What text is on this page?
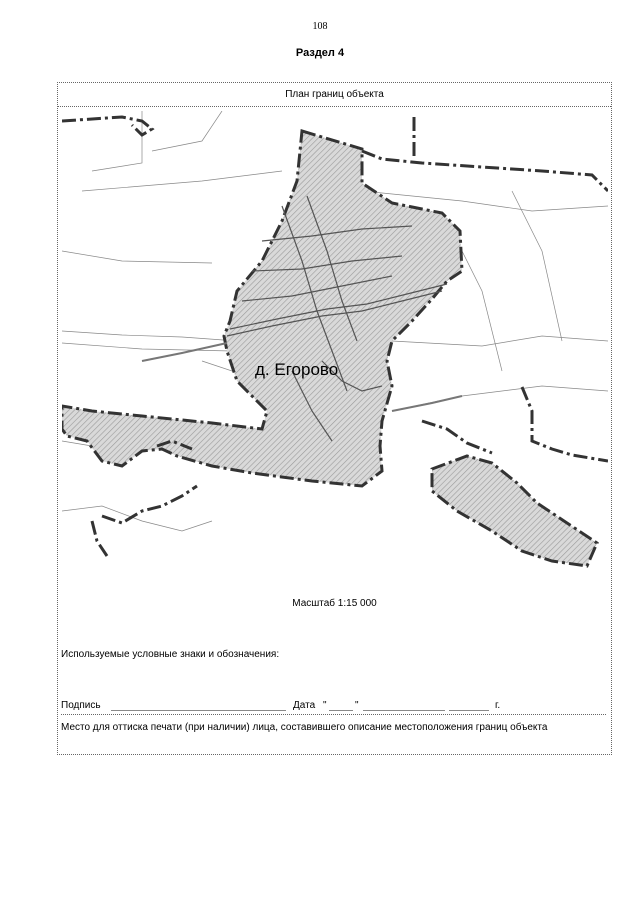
108
Раздел 4
План границ объекта
д. Егорово
Масштаб 1:15 000
Используемые условные знаки и обозначения:
Подпись	Дата "	"	г.
Место для оттиска печати (при наличии) лица, составившего описание местоположения границ объекта
